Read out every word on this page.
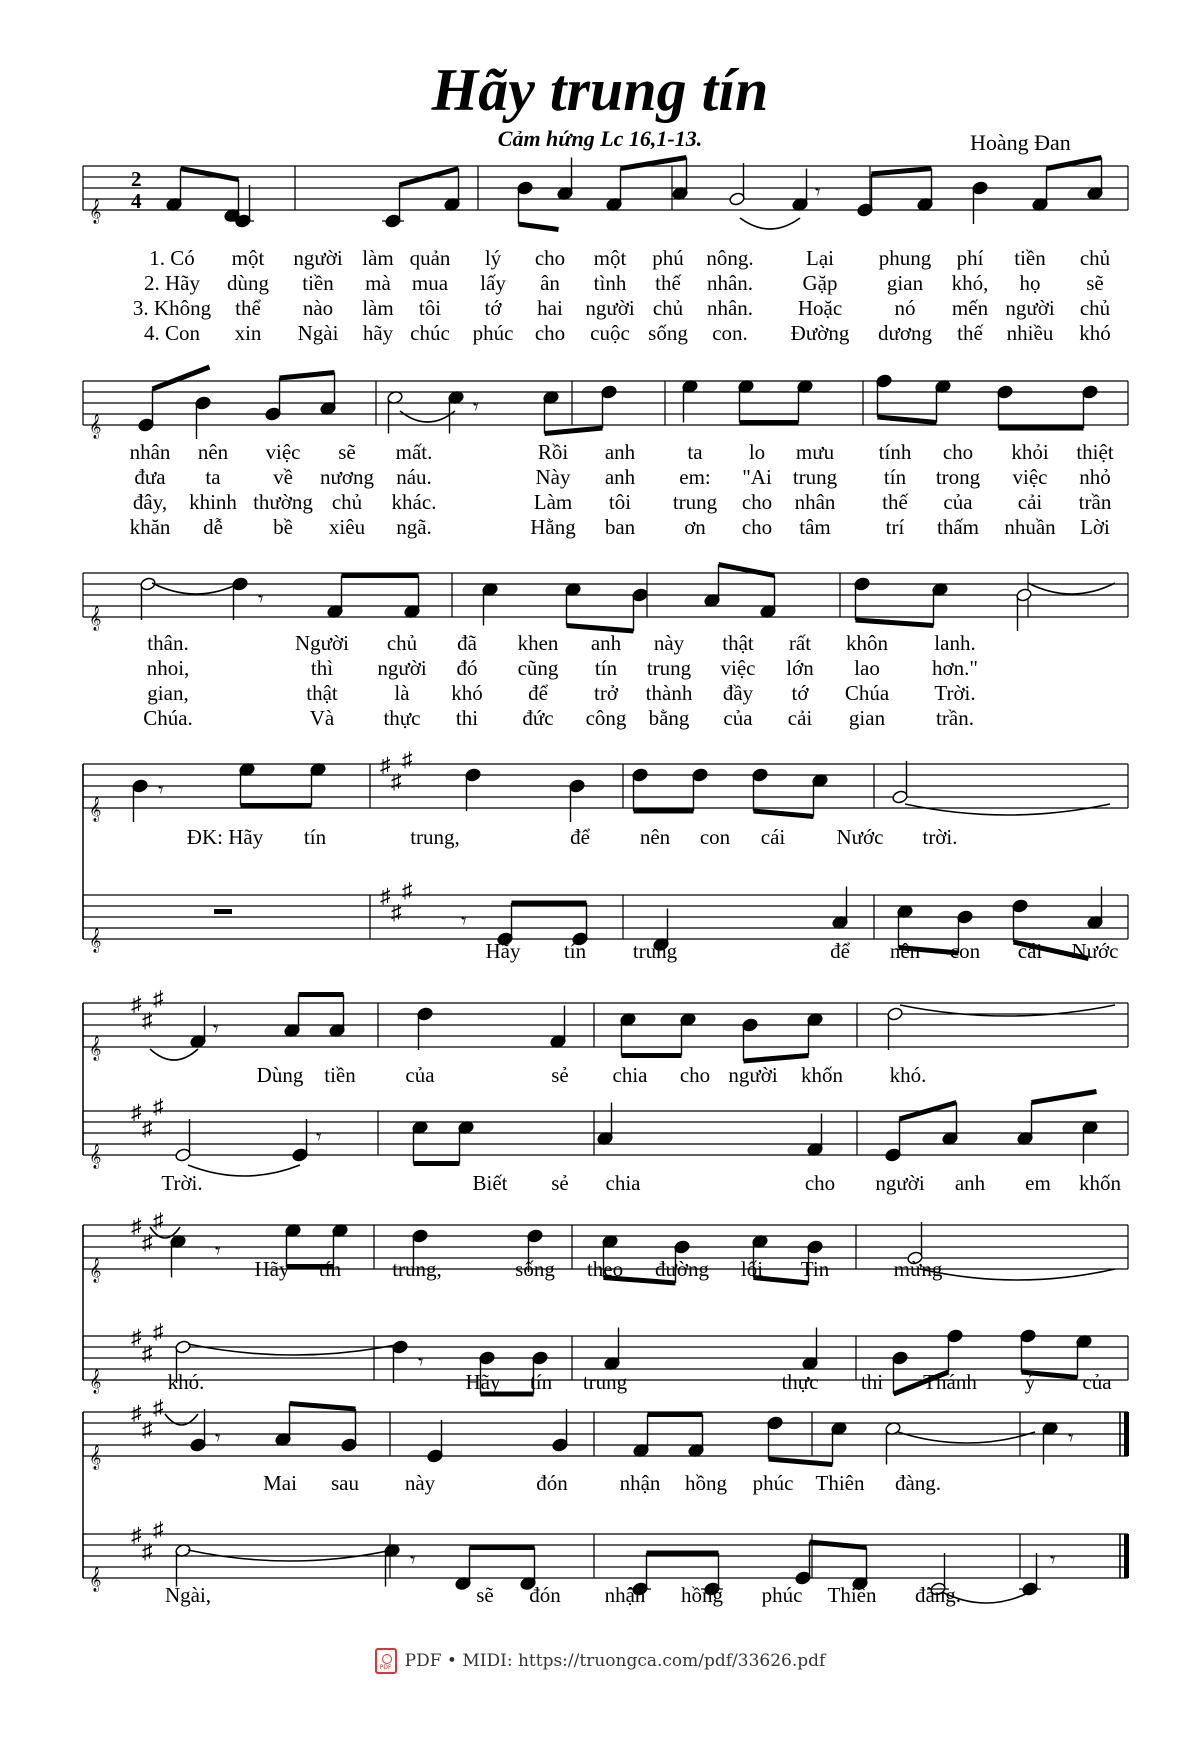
Hãy trung tín
Cảm hứng Lc 16,1-13.	Hoàng Đan
𝄞
2
4	𝄾
1. Có một người làm quản lý cho một phú nông. Lại phung phí tiền chủ
2. Hãy dùng tiền mà mua lấy ân tình thế nhân. Gặp gian khó, họ sẽ
3. Không thể nào làm tôi tớ hai người chủ nhân. Hoặc nó mến người chủ
4. Con xin Ngài hãy chúc phúc cho cuộc sống con. Đường dương thế nhiều khó
𝄞
𝄾
nhân nên việc sẽ mất.	Rồi anh ta lo mưu tính cho khỏi thiệt
đưa ta	về nương náu.	Này anh em: "Ai trung tín trong việc nhỏ
đây, khinh thường chủ khác.	Làm tôi trung cho nhân thế của cải trần
khăn dễ bề xiêu ngã.	Hằng ban ơn cho tâm	trí thấm nhuần Lời
𝄞
𝄾
thân.	Người chủ đã khen anh này thật rất khôn lanh.
nhoi,	thì người đó cũng tín trung việc lớn lao hơn."
gian,	thật	là khó để trở thành đầy tớ Chúa Trời.
Chúa.	Và thực thi đức công bằng của cải gian trần.
𝄞
♯
♯
♯
𝄞
♯
♯
♯
𝄾
𝄾
ĐK: Hãy tín	trung,	để nên con cái Nước trời.
Hãy tín trung	để nên con cái Nước
𝄞
♯
♯
♯
𝄞
♯
♯
♯
𝄾
𝄾
Dùng tiền của	sẻ chia cho người khốn khó.
Trời.	Biết sẻ chia	cho người anh em khốn
𝄞
♯
♯
♯
𝄞
♯
♯
♯
𝄾
𝄾
Hãy tín trung,	sống theo đường lối Tin	mừng
khó.	Hãy tín trung	thực thi Thánh ý của
𝄞
♯
♯
♯
𝄞
♯
♯
♯
𝄾	𝄾
𝄾	𝄾
Mai sau này	đón nhận hồng phúc Thiên đàng.
Ngài,	sẽ đón nhận hồng phúc Thiên đàng.
PDF
PDF • MIDI: https://truongca.com/pdf/33626.pdf
